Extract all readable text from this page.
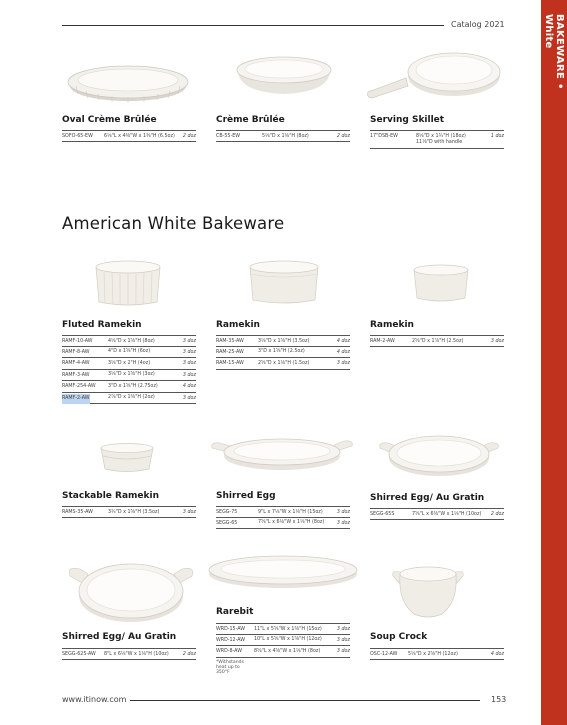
BAKEWARE • White
Catalog 2021
Oval Crème Brûlée
SOFO-65-EW 6⅛"L x 4⅜"W x 1⅜"H (6.5oz) 2 doz
Crème Brûlée
CB-55-EW	5⅛"D x 1⅛"H (8oz)	2 doz
Serving Skillet
17"DSB-EW	8⅛"D x 1¾"H (18oz)
11⅛"D with handle
1 doz
American White Bakeware
Fluted Ramekin
RAMF-10-AW	4⅛"D x 1⅝"H (8oz)	3 doz
RAMF-8-AW	4"D x 1⅝"H (6oz)	3 doz
RAMF-4-AW	3⅛"D x 2"H (4oz)	3 doz
RAMF-3-AW	3⅛"D x 1⅝"H (3oz)	3 doz
RAMF-254-AW	3"D x 1⅝"H (2.75oz)	4 doz
RAMF-2-AW	2⅞"D x 1⅜"H (2oz)	3 doz
Ramekin
RAM-35-AW	3⅛"D x 1⅝"H (3.5oz)	4 doz
RAM-25-AW	3"D x 1⅝"H (2.5oz)	4 doz
RAM-15-AW	2⅝"D x 1⅛"H (1.5oz)	3 doz
Ramekin
RAM-2-AW	2⅝"D x 1⅞"H (2.5oz)	3 doz
Stackable Ramekin
RAMS-35-AW	3¾"D x 1⅝"H (3.5oz)	3 doz
Shirred Egg
SEGG-75	9"L x 7⅛"W x 1⅛"H (15oz)	3 doz
SEGG-65	7⅝"L x 6⅛"W x 1⅛"H (8oz)	3 doz
Shirred Egg/ Au Gratin
SEGG-65S	7⅝"L x 6⅜"W x 1⅛"H (10oz) 2 doz
Shirred Egg/ Au Gratin
SEGG-625-AW 8"L x 6⅛"W x 1⅛"H (10oz)	2 doz
Rarebit
WRD-15-AW 11"L x 5⅝"W x 1⅜"H (15oz)	3 doz
WRD-12-AW 10"L x 5⅝"W x 1⅝"H (12oz)	3 doz
WRD-8-AW	8⅝"L x 4⅝"W x 1⅛"H (8oz)	3 doz
*Withstands heat up to 350°F
Soup Crock
OSC-12-AW 5⅛"D x 2⅝"H (12oz)	4 doz
www.itinow.com	153
